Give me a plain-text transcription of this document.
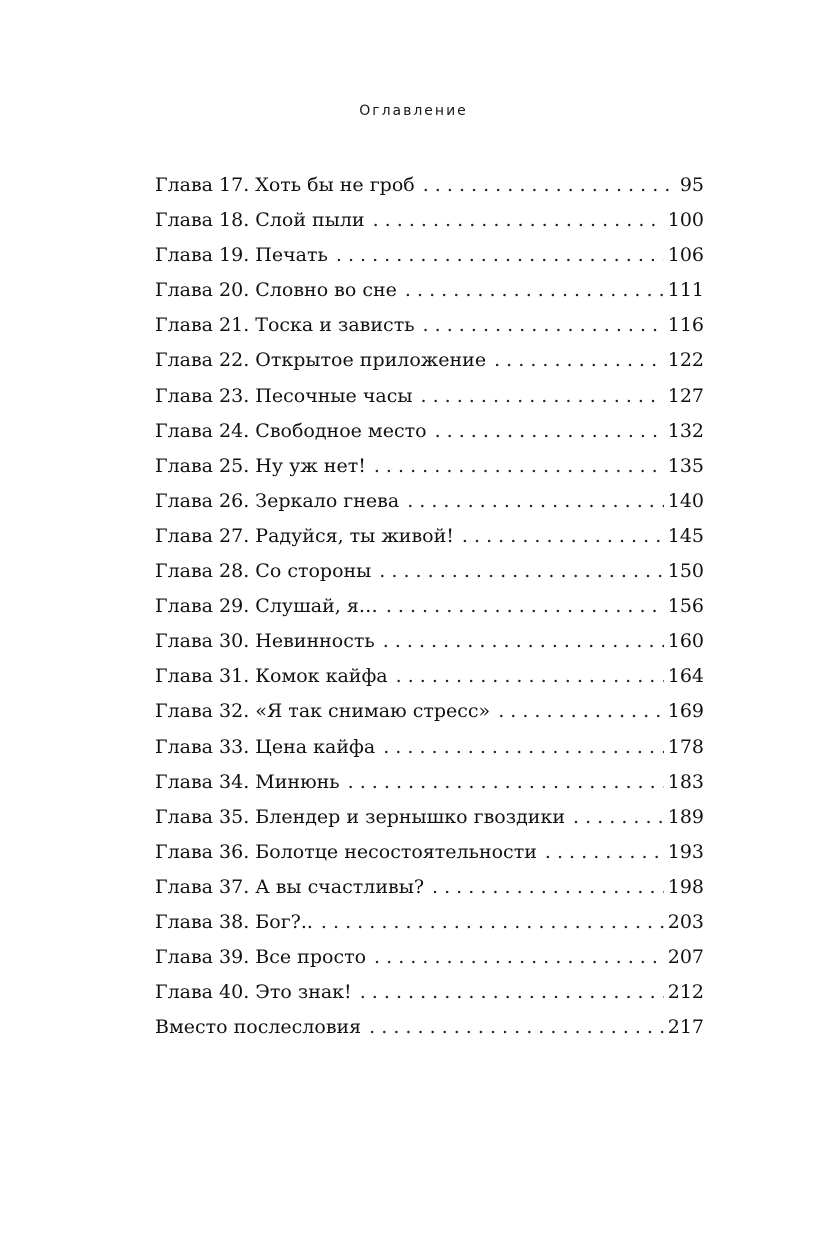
Оглавление
Глава 17. Хоть бы не гроб . . .	95
Глава 18. Слой пыли . . .	100
Глава 19. Печать . . .	106
Глава 20. Словно во сне . . .	111
Глава 21. Тоска и зависть . . .	116
Глава 22. Открытое приложение . . .	122
Глава 23. Песочные часы . . .	127
Глава 24. Свободное место . . .	132
Глава 25. Ну уж нет! . . .	135
Глава 26. Зеркало гнева . . .	140
Глава 27. Радуйся, ты живой! . . .	145
Глава 28. Со стороны . . .	150
Глава 29. Слушай, я… . . .	156
Глава 30. Невинность . . .	160
Глава 31. Комок кайфа . . .	164
Глава 32. «Я так снимаю стресс» . . .	169
Глава 33. Цена кайфа . . .	178
Глава 34. Минюнь . . .	183
Глава 35. Блендер и зернышко гвоздики . . .	189
Глава 36. Болотце несостоятельности . . .	193
Глава 37. А вы счастливы? . . .	198
Глава 38. Бог?.. . . .	203
Глава 39. Все просто . . .	207
Глава 40. Это знак! . . .	212
Вместо послесловия . . .	217
